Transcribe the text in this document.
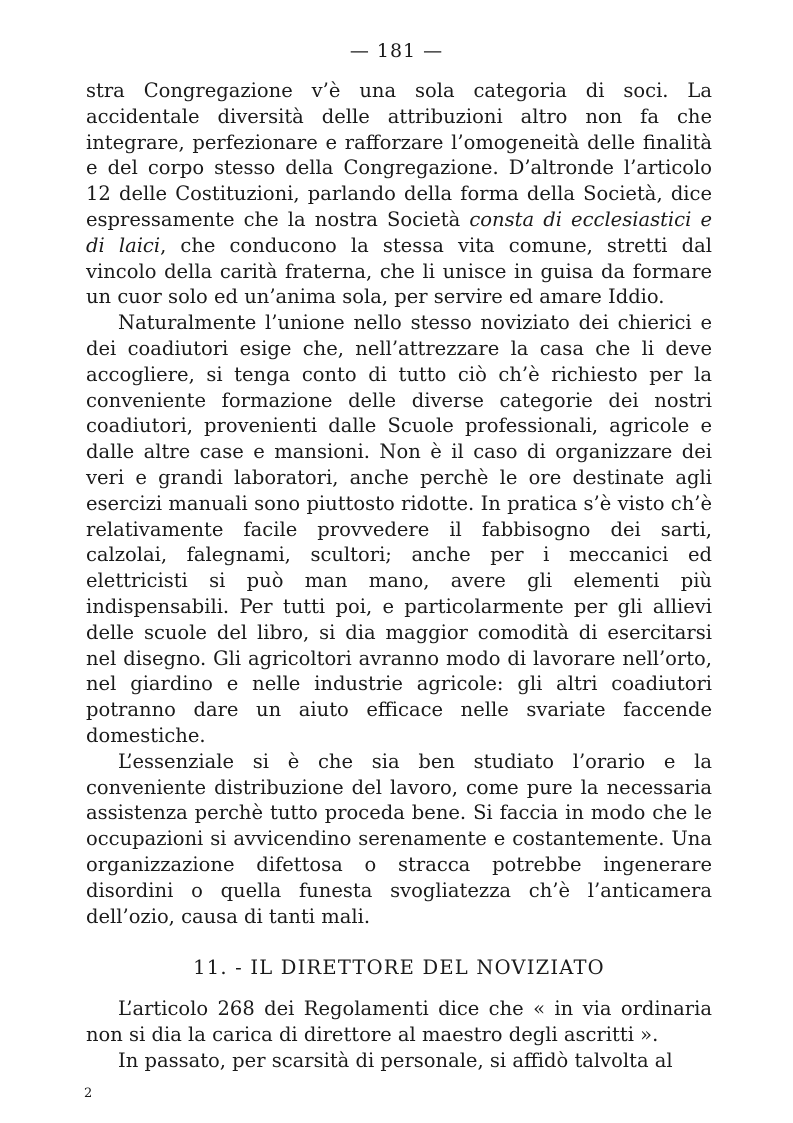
— 181 —

stra Congregazione v’è una sola categoria di soci. La accidentale diversità delle attribuzioni altro non fa che integrare, perfezionare e rafforzare l’omogeneità delle finalità e del corpo stesso della Congregazione. D’altronde l’articolo 12 delle Costituzioni, parlando della forma della Società, dice espressamente che la nostra Società consta di ecclesiastici e di laici, che conducono la stessa vita comune, stretti dal vincolo della carità fraterna, che li unisce in guisa da formare un cuor solo ed un’anima sola, per servire ed amare Iddio.

Naturalmente l’unione nello stesso noviziato dei chierici e dei coadiutori esige che, nell’attrezzare la casa che li deve accogliere, si tenga conto di tutto ciò ch’è richiesto per la conveniente formazione delle diverse categorie dei nostri coadiutori, provenienti dalle Scuole professionali, agricole e dalle altre case e mansioni. Non è il caso di organizzare dei veri e grandi laboratori, anche perchè le ore destinate agli esercizi manuali sono piuttosto ridotte. In pratica s’è visto ch’è relativamente facile provvedere il fabbisogno dei sarti, calzolai, falegnami, scultori; anche per i meccanici ed elettricisti si può man mano, avere gli elementi più indispensabili. Per tutti poi, e particolarmente per gli allievi delle scuole del libro, si dia maggior comodità di esercitarsi nel disegno. Gli agricoltori avranno modo di lavorare nell’orto, nel giardino e nelle industrie agricole: gli altri coadiutori potranno dare un aiuto efficace nelle svariate faccende domestiche.

L’essenziale si è che sia ben studiato l’orario e la conveniente distribuzione del lavoro, come pure la necessaria assistenza perchè tutto proceda bene. Si faccia in modo che le occupazioni si avvicendino serenamente e costantemente. Una organizzazione difettosa o stracca potrebbe ingenerare disordini o quella funesta svogliatezza ch’è l’anticamera dell’ozio, causa di tanti mali.

11. - IL DIRETTORE DEL NOVIZIATO

L’articolo 268 dei Regolamenti dice che « in via ordinaria non si dia la carica di direttore al maestro degli ascritti ».

In passato, per scarsità di personale, si affidò talvolta al

2
